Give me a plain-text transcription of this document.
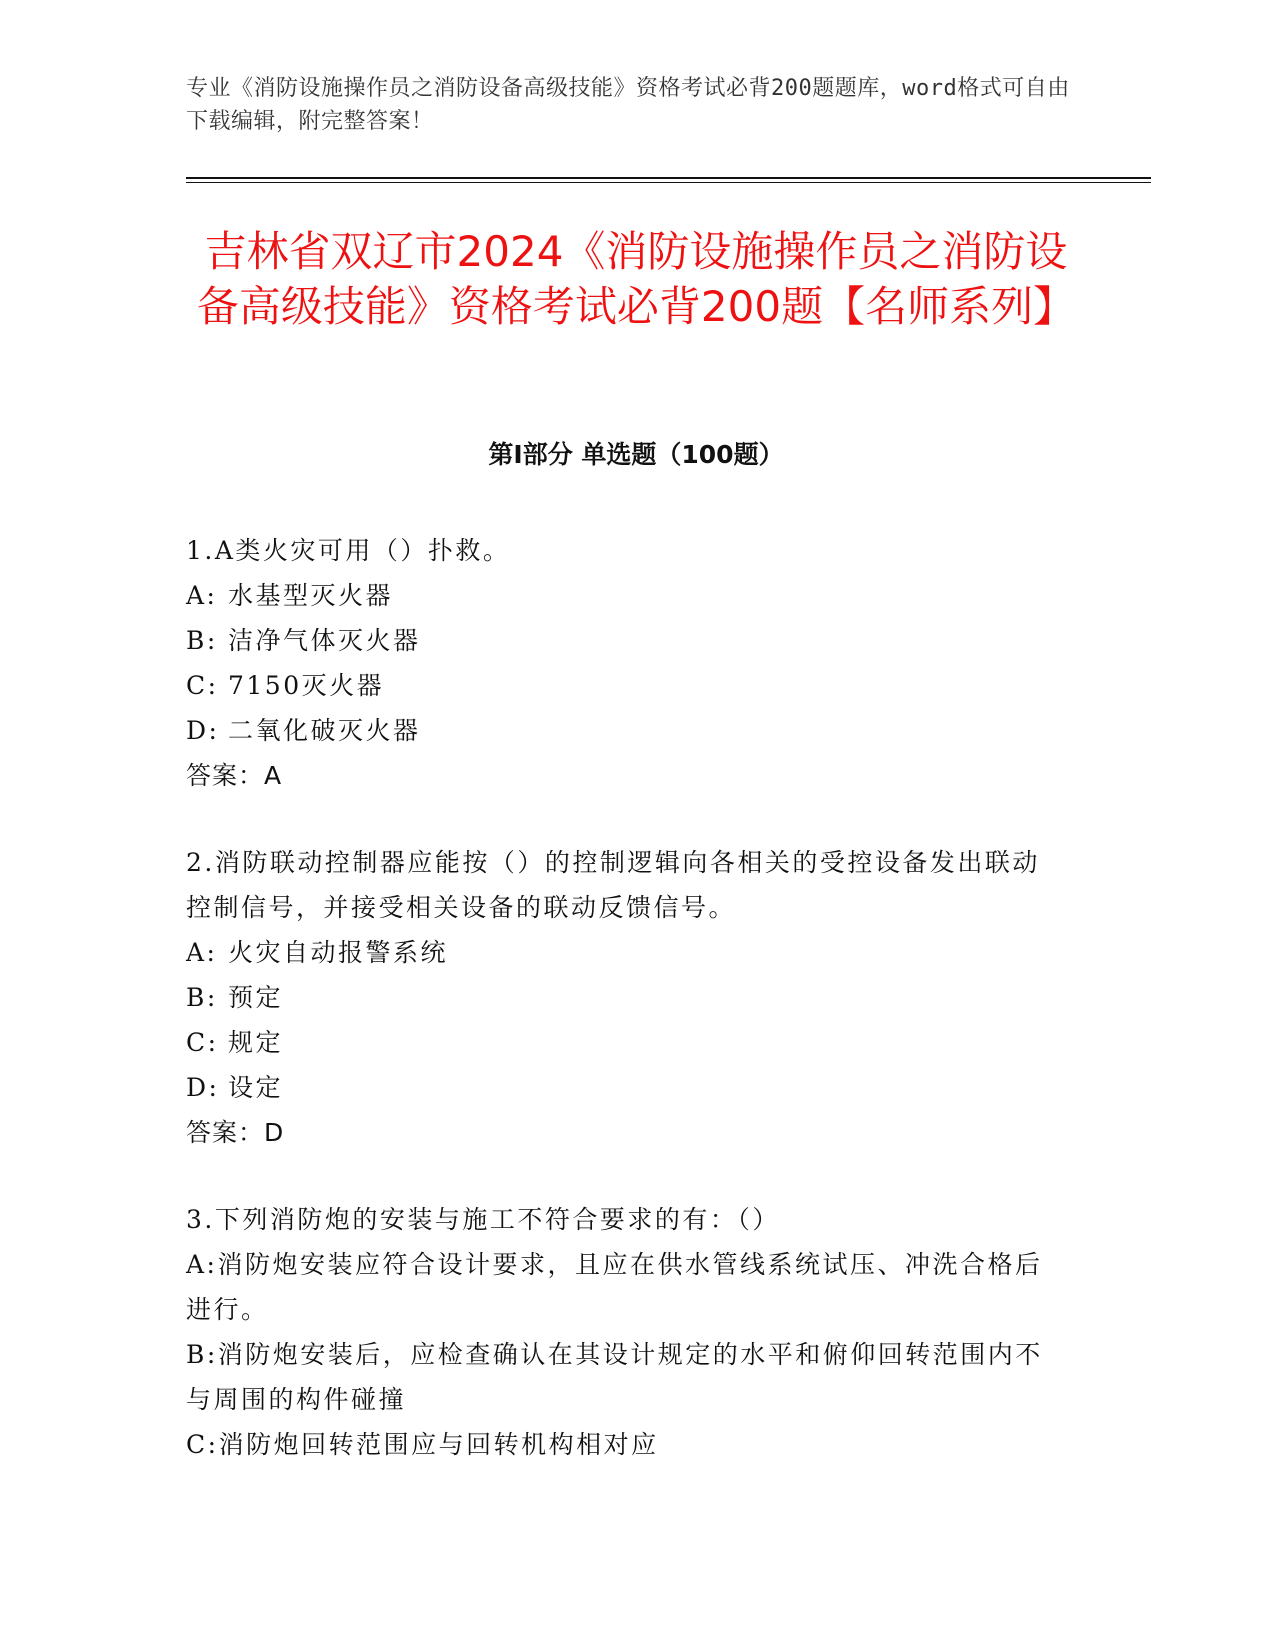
专业《消防设施操作员之消防设备高级技能》资格考试必背200题题库，word格式可自由下载编辑，附完整答案！
吉林省双辽市2024《消防设施操作员之消防设备高级技能》资格考试必背200题【名师系列】
第I部分 单选题（100题）

1.A类火灾可用（）扑救。

A: 水基型灭火器

B: 洁净气体灭火器

C: 7150灭火器

D: 二氧化破灭火器

答案：A

2.消防联动控制器应能按（）的控制逻辑向各相关的受控设备发出联动控制信号，并接受相关设备的联动反馈信号。

A: 火灾自动报警系统

B: 预定

C: 规定

D: 设定

答案：D

3.下列消防炮的安装与施工不符合要求的有：（）

A:消防炮安装应符合设计要求，且应在供水管线系统试压、冲洗合格后进行。

B:消防炮安装后，应检查确认在其设计规定的水平和俯仰回转范围内不与周围的构件碰撞

C:消防炮回转范围应与回转机构相对应
